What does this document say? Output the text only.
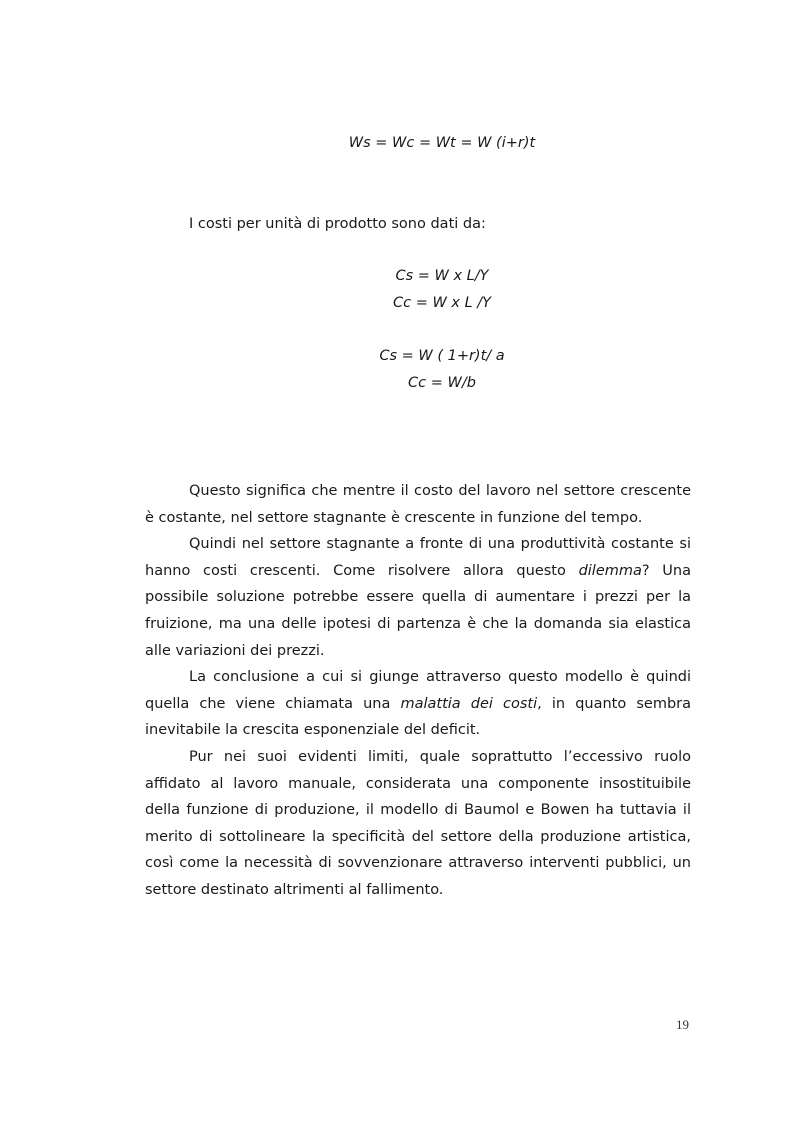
Ws = Wc = Wt = W (i+r)t
I costi per unità di prodotto sono dati da:
Cs = W x L/Y
Cc = W x L /Y
Cs = W ( 1+r)t/ a
Cc = W/b

Questo significa che mentre il costo del lavoro nel settore crescente è costante, nel settore stagnante è crescente in funzione del tempo.

Quindi nel settore stagnante a fronte di una produttività costante si hanno costi crescenti. Come risolvere allora questo dilemma? Una possibile soluzione potrebbe essere quella di aumentare i prezzi per la fruizione, ma una delle ipotesi di partenza è che la domanda sia elastica alle variazioni dei prezzi.

La conclusione a cui si giunge attraverso questo modello è quindi quella che viene chiamata una malattia dei costi, in quanto sembra inevitabile la crescita esponenziale del deficit.

Pur nei suoi evidenti limiti, quale soprattutto l’eccessivo ruolo affidato al lavoro manuale, considerata una componente insostituibile della funzione di produzione, il modello di Baumol e Bowen ha tuttavia il merito di sottolineare la specificità del settore della produzione artistica, così come la necessità di sovvenzionare attraverso interventi pubblici, un settore destinato altrimenti al fallimento.

19
